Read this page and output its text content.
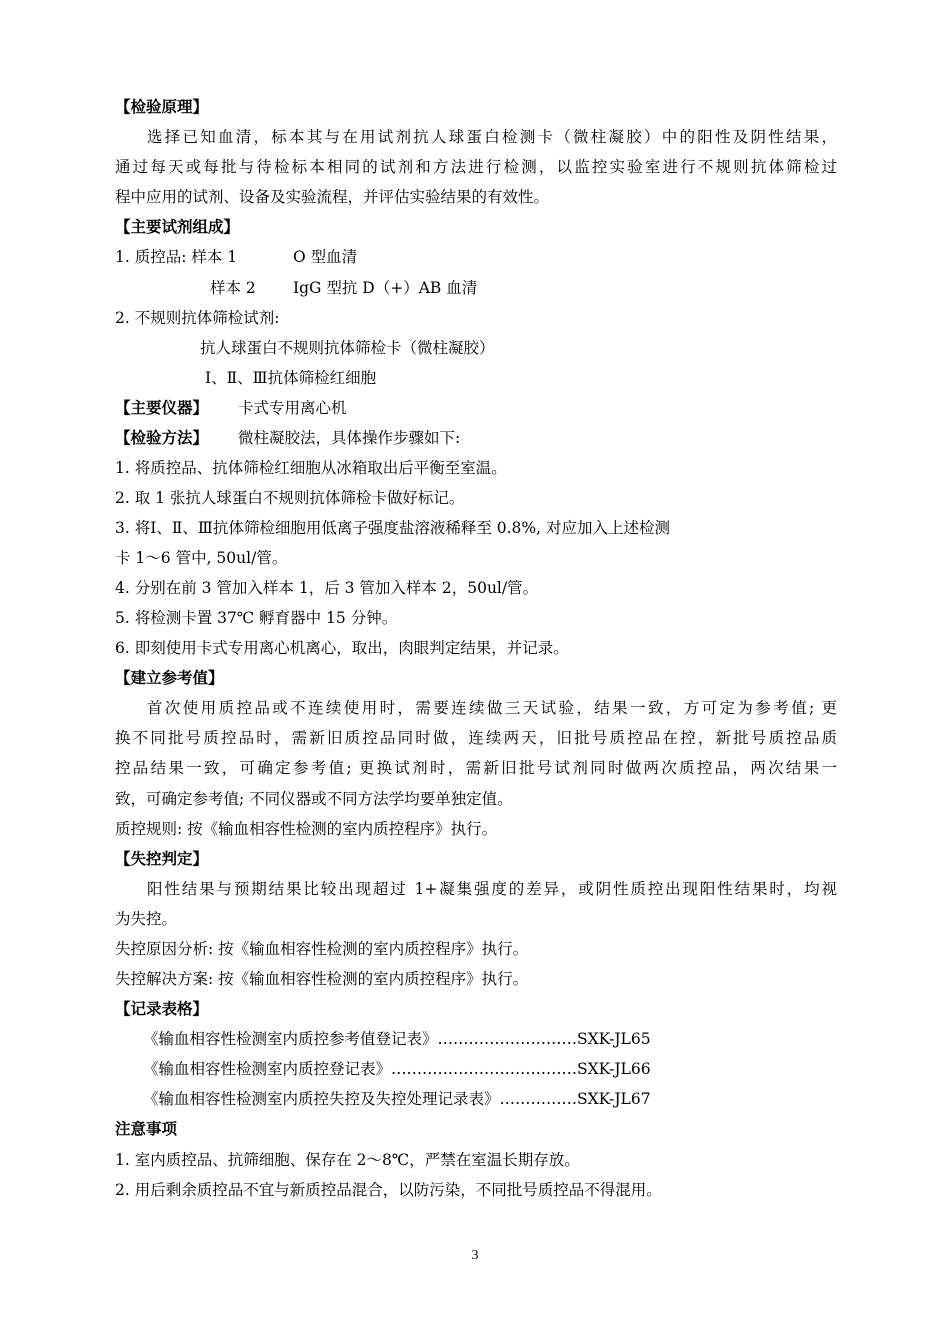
【检验原理】
选择已知血清，标本其与在用试剂抗人球蛋白检测卡（微柱凝胶）中的阳性及阴性结果，
通过每天或每批与待检标本相同的试剂和方法进行检测，以监控实验室进行不规则抗体筛检过
程中应用的试剂、设备及实验流程，并评估实验结果的有效性。
【主要试剂组成】
1. 质控品: 样本 1	O 型血清
样本 2 IgG 型抗 D（+）AB 血清
2. 不规则抗体筛检试剂:
抗人球蛋白不规则抗体筛检卡（微柱凝胶）
Ⅰ、Ⅱ、Ⅲ抗体筛检红细胞
【主要仪器】 卡式专用离心机
【检验方法】 微柱凝胶法，具体操作步骤如下:
1. 将质控品、抗体筛检红细胞从冰箱取出后平衡至室温。
2. 取 1 张抗人球蛋白不规则抗体筛检卡做好标记。
3. 将Ⅰ、Ⅱ、Ⅲ抗体筛检细胞用低离子强度盐溶液稀释至 0.8%, 对应加入上述检测
卡 1～6 管中, 50ul/管。
4. 分别在前 3 管加入样本 1，后 3 管加入样本 2，50ul/管。
5. 将检测卡置 37℃ 孵育器中 15 分钟。
6. 即刻使用卡式专用离心机离心，取出，肉眼判定结果，并记录。
【建立参考值】
首次使用质控品或不连续使用时，需要连续做三天试验，结果一致，方可定为参考值; 更
换不同批号质控品时，需新旧质控品同时做，连续两天，旧批号质控品在控，新批号质控品质
控品结果一致，可确定参考值; 更换试剂时，需新旧批号试剂同时做两次质控品，两次结果一
致，可确定参考值; 不同仪器或不同方法学均要单独定值。
质控规则: 按《输血相容性检测的室内质控程序》执行。
【失控判定】
阳性结果与预期结果比较出现超过 1+凝集强度的差异，或阴性质控出现阳性结果时，均视
为失控。
失控原因分析: 按《输血相容性检测的室内质控程序》执行。
失控解决方案: 按《输血相容性检测的室内质控程序》执行。
【记录表格】
《输血相容性检测室内质控参考值登记表》………………………SXK-JL65
《输血相容性检测室内质控登记表》………………………………SXK-JL66
《输血相容性检测室内质控失控及失控处理记录表》……………SXK-JL67
注意事项
1. 室内质控品、抗筛细胞、保存在 2～8℃，严禁在室温长期存放。
2. 用后剩余质控品不宜与新质控品混合，以防污染，不同批号质控品不得混用。
3
